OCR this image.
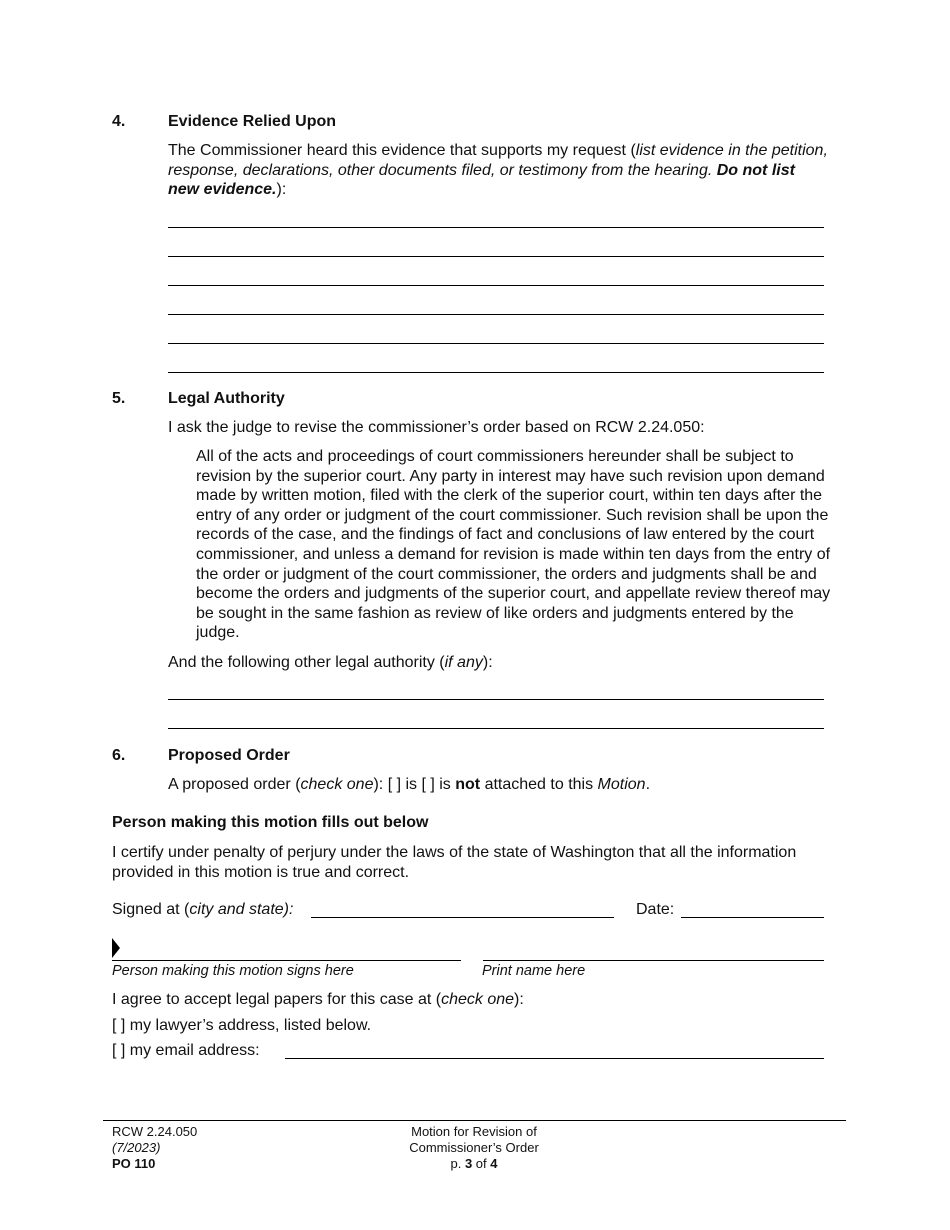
4.	Evidence Relied Upon
The Commissioner heard this evidence that supports my request (list evidence in the petition, response, declarations, other documents filed, or testimony from the hearing. Do not list new evidence.):
5.	Legal Authority
I ask the judge to revise the commissioner’s order based on RCW 2.24.050:
All of the acts and proceedings of court commissioners hereunder shall be subject to revision by the superior court. Any party in interest may have such revision upon demand made by written motion, filed with the clerk of the superior court, within ten days after the entry of any order or judgment of the court commissioner. Such revision shall be upon the records of the case, and the findings of fact and conclusions of law entered by the court commissioner, and unless a demand for revision is made within ten days from the entry of the order or judgment of the court commissioner, the orders and judgments shall be and become the orders and judgments of the superior court, and appellate review thereof may be sought in the same fashion as review of like orders and judgments entered by the judge.
And the following other legal authority (if any):
6.	Proposed Order
A proposed order (check one): [ ] is [ ] is not attached to this Motion.
Person making this motion fills out below
I certify under penalty of perjury under the laws of the state of Washington that all the information provided in this motion is true and correct.
Signed at (city and state):	Date:
Person making this motion signs here	Print name here
I agree to accept legal papers for this case at (check one):
[ ] my lawyer’s address, listed below.
[ ] my email address:
RCW 2.24.050
(7/2023)
PO 110
Motion for Revision of
Commissioner’s Order
p. 3 of 4
